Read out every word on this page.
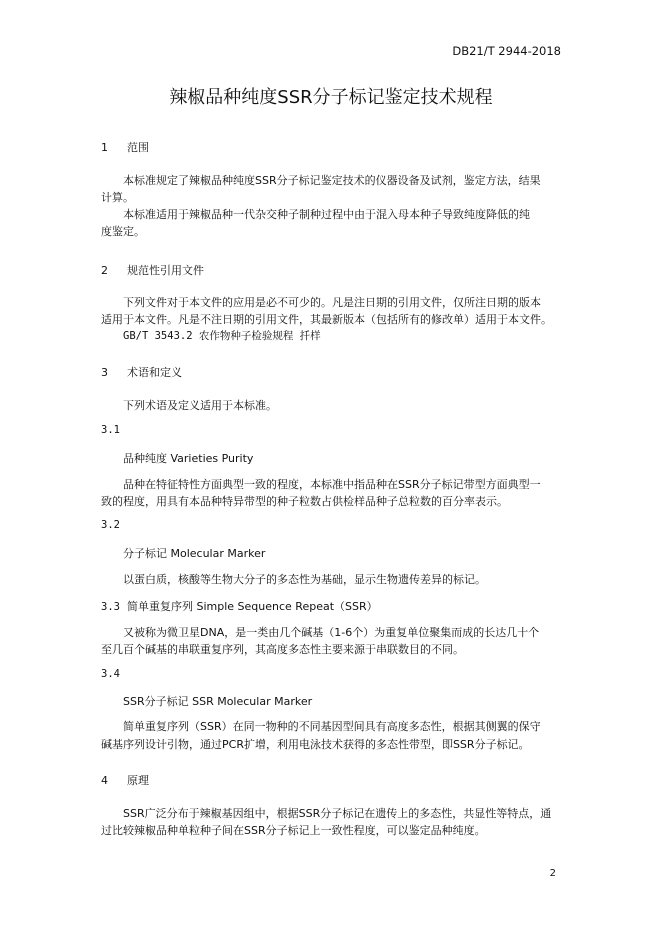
DB21/T 2944-2018
辣椒品种纯度SSR分子标记鉴定技术规程
1 范围
本标准规定了辣椒品种纯度SSR分子标记鉴定技术的仪器设备及试剂，鉴定方法，结果
计算。
本标准适用于辣椒品种一代杂交种子制种过程中由于混入母本种子导致纯度降低的纯
度鉴定。
2 规范性引用文件
下列文件对于本文件的应用是必不可少的。凡是注日期的引用文件，仅所注日期的版本
适用于本文件。凡是不注日期的引用文件，其最新版本（包括所有的修改单）适用于本文件。
GB/T 3543.2 农作物种子检验规程 扦样
3 术语和定义
下列术语及定义适用于本标准。
3.1
品种纯度 Varieties Purity
品种在特征特性方面典型一致的程度，本标准中指品种在SSR分子标记带型方面典型一
致的程度，用具有本品种特异带型的种子粒数占供检样品种子总粒数的百分率表示。
3.2
分子标记 Molecular Marker
以蛋白质，核酸等生物大分子的多态性为基础，显示生物遗传差异的标记。
3.3 简单重复序列 Simple Sequence Repeat（SSR）
又被称为微卫星DNA，是一类由几个碱基（1-6个）为重复单位聚集而成的长达几十个
至几百个碱基的串联重复序列，其高度多态性主要来源于串联数目的不同。
3.4
SSR分子标记 SSR Molecular Marker
简单重复序列（SSR）在同一物种的不同基因型间具有高度多态性，根据其侧翼的保守
碱基序列设计引物，通过PCR扩增，利用电泳技术获得的多态性带型，即SSR分子标记。
4 原理
SSR广泛分布于辣椒基因组中，根据SSR分子标记在遗传上的多态性，共显性等特点，通
过比较辣椒品种单粒种子间在SSR分子标记上一致性程度，可以鉴定品种纯度。
2
